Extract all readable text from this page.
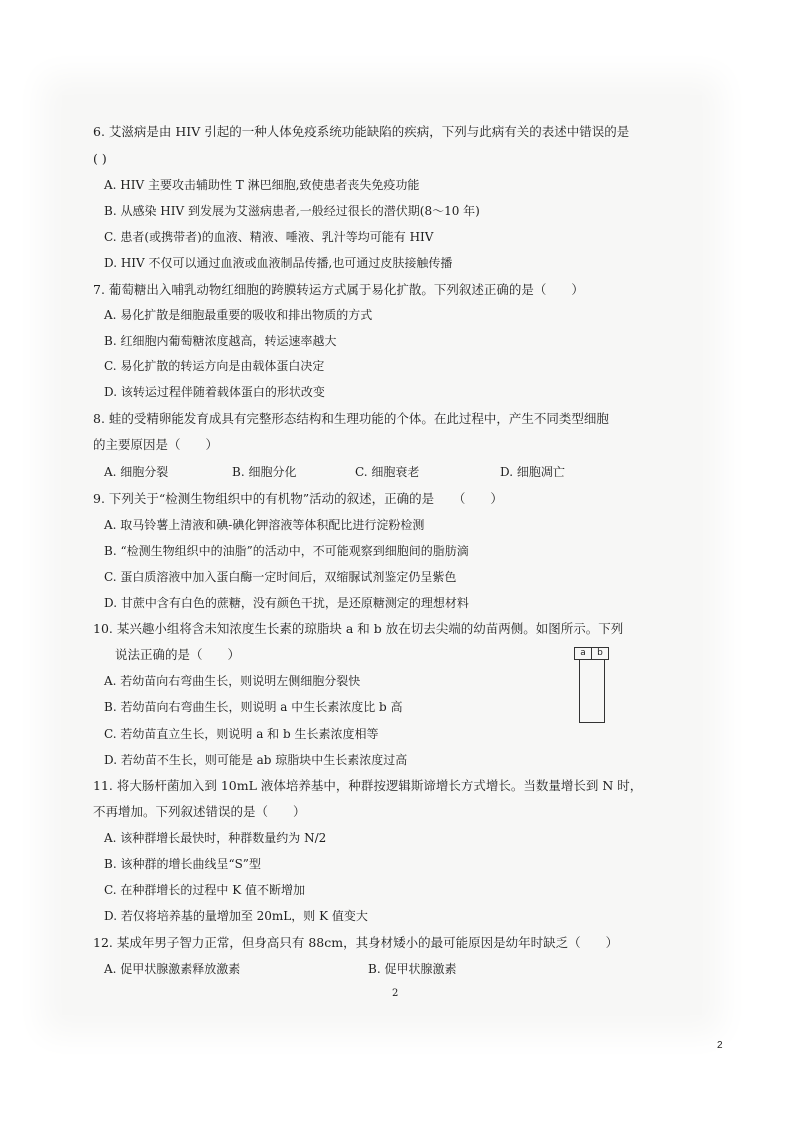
6. 艾滋病是由 HIV 引起的一种人体免疫系统功能缺陷的疾病，下列与此病有关的表述中错误的是
( )
A. HIV 主要攻击辅助性 T 淋巴细胞,致使患者丧失免疫功能
B. 从感染 HIV 到发展为艾滋病患者,一般经过很长的潜伏期(8～10 年)
C. 患者(或携带者)的血液、精液、唾液、乳汁等均可能有 HIV
D. HIV 不仅可以通过血液或血液制品传播,也可通过皮肤接触传播
7. 葡萄糖出入哺乳动物红细胞的跨膜转运方式属于易化扩散。下列叙述正确的是（　　）
A. 易化扩散是细胞最重要的吸收和排出物质的方式
B. 红细胞内葡萄糖浓度越高，转运速率越大
C. 易化扩散的转运方向是由载体蛋白决定
D. 该转运过程伴随着载体蛋白的形状改变
8. 蛙的受精卵能发育成具有完整形态结构和生理功能的个体。在此过程中，产生不同类型细胞
的主要原因是（　　）
A. 细胞分裂	B. 细胞分化	C. 细胞衰老	D. 细胞凋亡
9. 下列关于“检测生物组织中的有机物”活动的叙述，正确的是　　（　　）
A. 取马铃薯上清液和碘-碘化钾溶液等体积配比进行淀粉检测
B. “检测生物组织中的油脂”的活动中，不可能观察到细胞间的脂肪滴
C. 蛋白质溶液中加入蛋白酶一定时间后，双缩脲试剂鉴定仍呈紫色
D. 甘蔗中含有白色的蔗糖，没有颜色干扰，是还原糖测定的理想材料
10. 某兴趣小组将含未知浓度生长素的琼脂块 a 和 b 放在切去尖端的幼苗两侧。如图所示。下列
说法正确的是（　　）
A. 若幼苗向右弯曲生长，则说明左侧细胞分裂快
B. 若幼苗向右弯曲生长，则说明 a 中生长素浓度比 b 高
C. 若幼苗直立生长，则说明 a 和 b 生长素浓度相等
D. 若幼苗不生长，则可能是 ab 琼脂块中生长素浓度过高
a	b
11. 将大肠杆菌加入到 10mL 液体培养基中，种群按逻辑斯谛增长方式增长。当数量增长到 N 时，
不再增加。下列叙述错误的是（　　）
A. 该种群增长最快时，种群数量约为 N/2
B. 该种群的增长曲线呈“S”型
C. 在种群增长的过程中 K 值不断增加
D. 若仅将培养基的量增加至 20mL，则 K 值变大
12. 某成年男子智力正常，但身高只有 88cm，其身材矮小的最可能原因是幼年时缺乏（　　）
A. 促甲状腺激素释放激素	B. 促甲状腺激素
2
2
